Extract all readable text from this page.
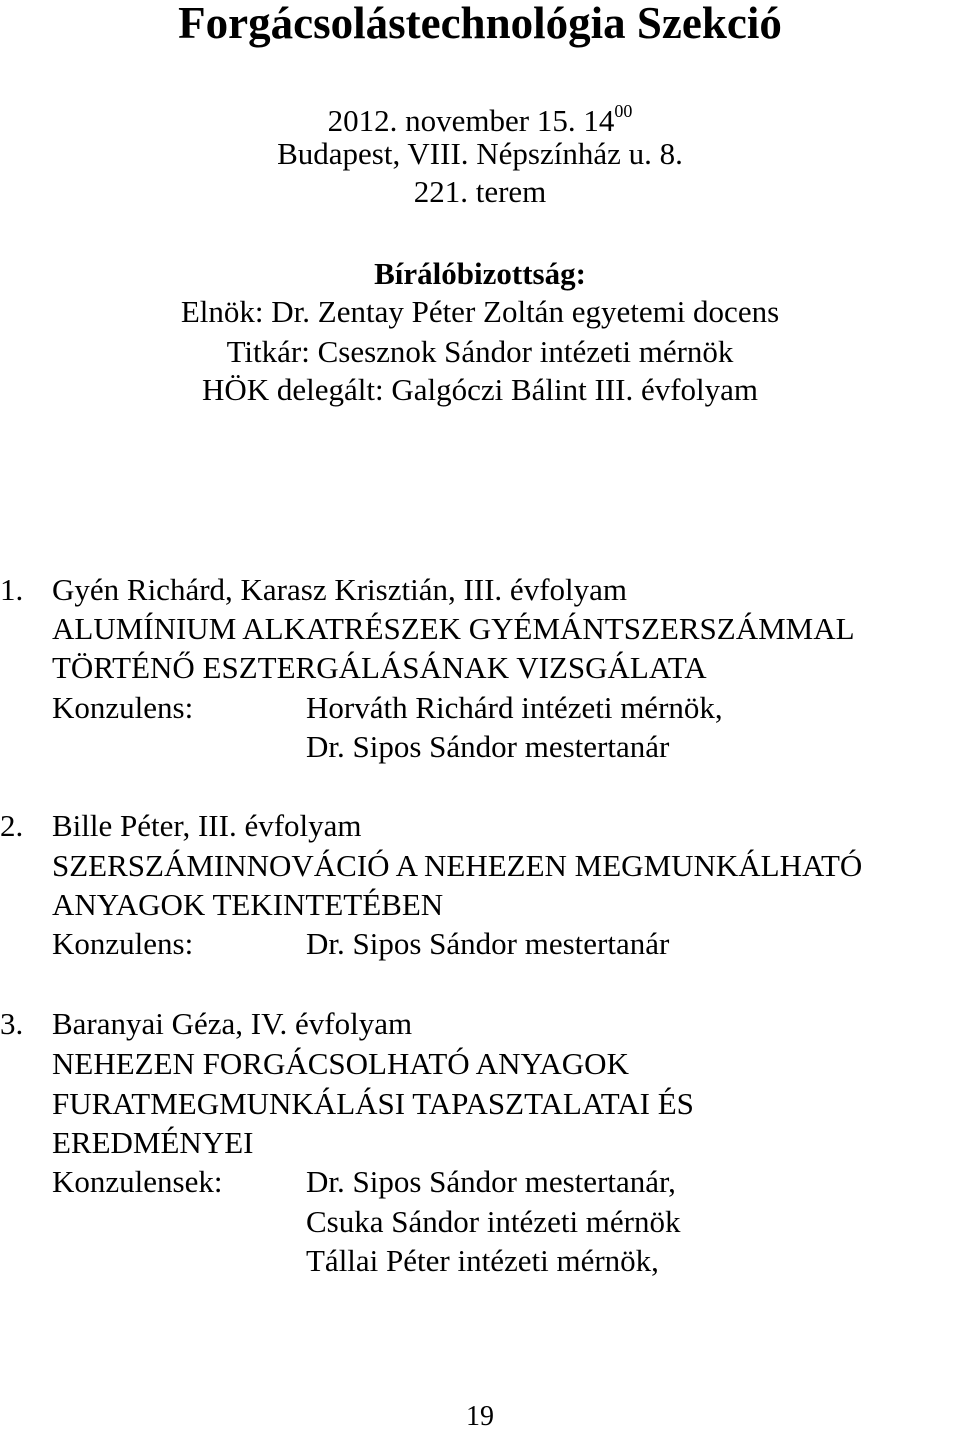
Forgácsolástechnológia Szekció
2012. november 15. $14^{00}$
Budapest, VIII. Népszínház u. 8.
221. terem
Bírálóbizottság:
Elnök: Dr. Zentay Péter Zoltán egyetemi docens
Titkár: Csesznok Sándor intézeti mérnök
HÖK delegált: Galgóczi Bálint III. évfolyam
1. Gyén Richárd, Karasz Krisztián, III. évfolyam
ALUMÍNIUM ALKATRÉSZEK GYÉMÁNTSZERSZÁMMAL
TÖRTÉNŐ ESZTERGÁLÁSÁNAK VIZSGÁLATA
Konzulens:	Horváth Richárd intézeti mérnök,
Dr. Sipos Sándor mestertanár
2. Bille Péter, III. évfolyam
SZERSZÁMINNOVÁCIÓ A NEHEZEN MEGMUNKÁLHATÓ
ANYAGOK TEKINTETÉBEN
Konzulens:	Dr. Sipos Sándor mestertanár
3. Baranyai Géza, IV. évfolyam
NEHEZEN FORGÁCSOLHATÓ ANYAGOK
FURATMEGMUNKÁLÁSI TAPASZTALATAI ÉS
EREDMÉNYEI
Konzulensek:	Dr. Sipos Sándor mestertanár,
Csuka Sándor intézeti mérnök
Tállai Péter intézeti mérnök,
19
